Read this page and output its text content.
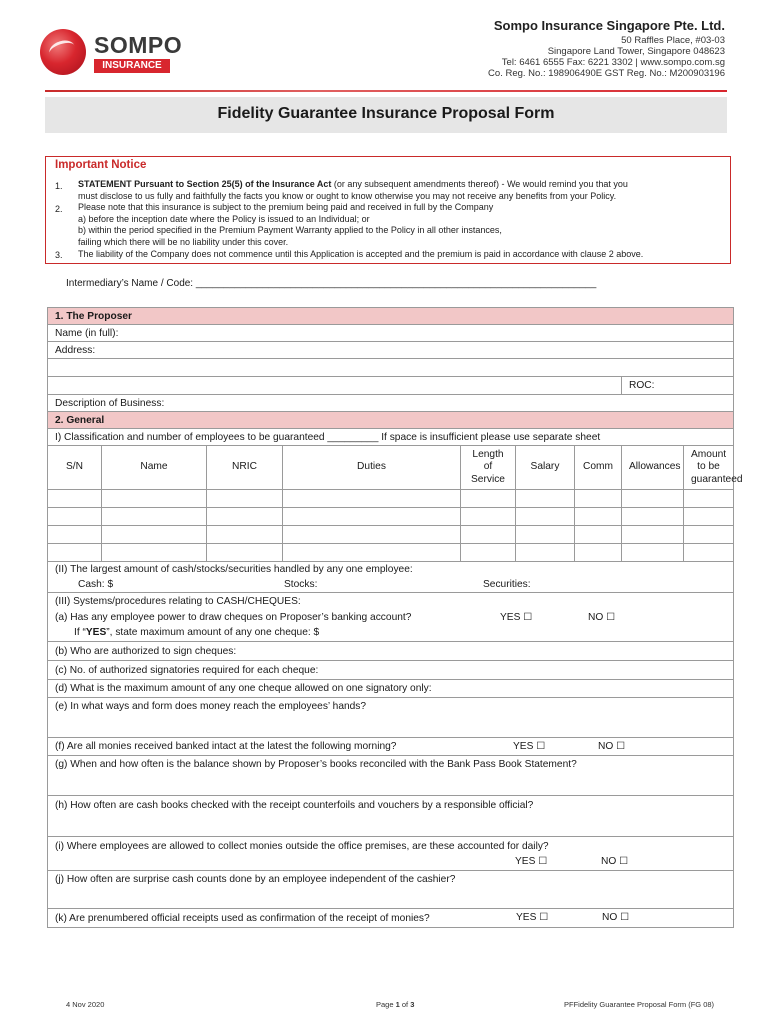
SOMPO
INSURANCE
Sompo Insurance Singapore Pte. Ltd.
50 Raffles Place, #03-03
Singapore Land Tower, Singapore 048623
Tel: 6461 6555 Fax: 6221 3302 | www.sompo.com.sg
Co. Reg. No.: 198906490E GST Reg. No.: M200903196
Fidelity Guarantee Insurance Proposal Form
Important Notice
1. STATEMENT Pursuant to Section 25(5) of the Insurance Act (or any subsequent amendments thereof) - We would remind you that you
must disclose to us fully and faithfully the facts you know or ought to know otherwise you may not receive any benefits from your Policy.
2. Please note that this insurance is subject to the premium being paid and received in full by the Company
a) before the inception date where the Policy is issued to an Individual; or
b) within the period specified in the Premium Payment Warranty applied to the Policy in all other instances,
failing which there will be no liability under this cover.
3. The liability of the Company does not commence until this Application is accepted and the premium is paid in accordance with clause 2 above.
Intermediary’s Name / Code: ________________________________________________________________________
1. The Proposer								
Name (in full):								
Address:								

							ROC:	
Description of Business:								
2. General								
I) Classification and number of employees to be guaranteed _________ If space is insufficient please use separate sheet								
S/N	Name	NRIC	Duties	Length of Service	Salary	Comm	Allowances	Amount to be guaranteed

(II) The largest amount of cash/stocks/securities handled by any one employee:
Cash: $ Stocks: Securities:								

(III) Systems/procedures relating to CASH/CHEQUES:
(a) Has any employee power to draw cheques on Proposer’s banking account? YES ☐ NO ☐
If “YES”, state maximum amount of any one cheque: $								

(b) Who are authorized to sign cheques:								
(c) No. of authorized signatories required for each cheque:								
(d) What is the maximum amount of any one cheque allowed on one signatory only:								
(e) In what ways and form does money reach the employees’ hands?								
(f) Are all monies received banked intact at the latest the following morning? YES ☐ NO ☐								

(g) When and how often is the balance shown by Proposer’s books reconciled with the Bank Pass Book Statement?								
(h) How often are cash books checked with the receipt counterfoils and vouchers by a responsible official?								

(i) Where employees are allowed to collect monies outside the office premises, are these accounted for daily?
YES ☐ NO ☐								

(j) How often are surprise cash counts done by an employee independent of the cashier?								
(k) Are prenumbered official receipts used as confirmation of the receipt of monies? YES ☐ NO ☐								
4 Nov 2020	Page 1 of 3	PFFidelity Guarantee Proposal Form (FG 08)
